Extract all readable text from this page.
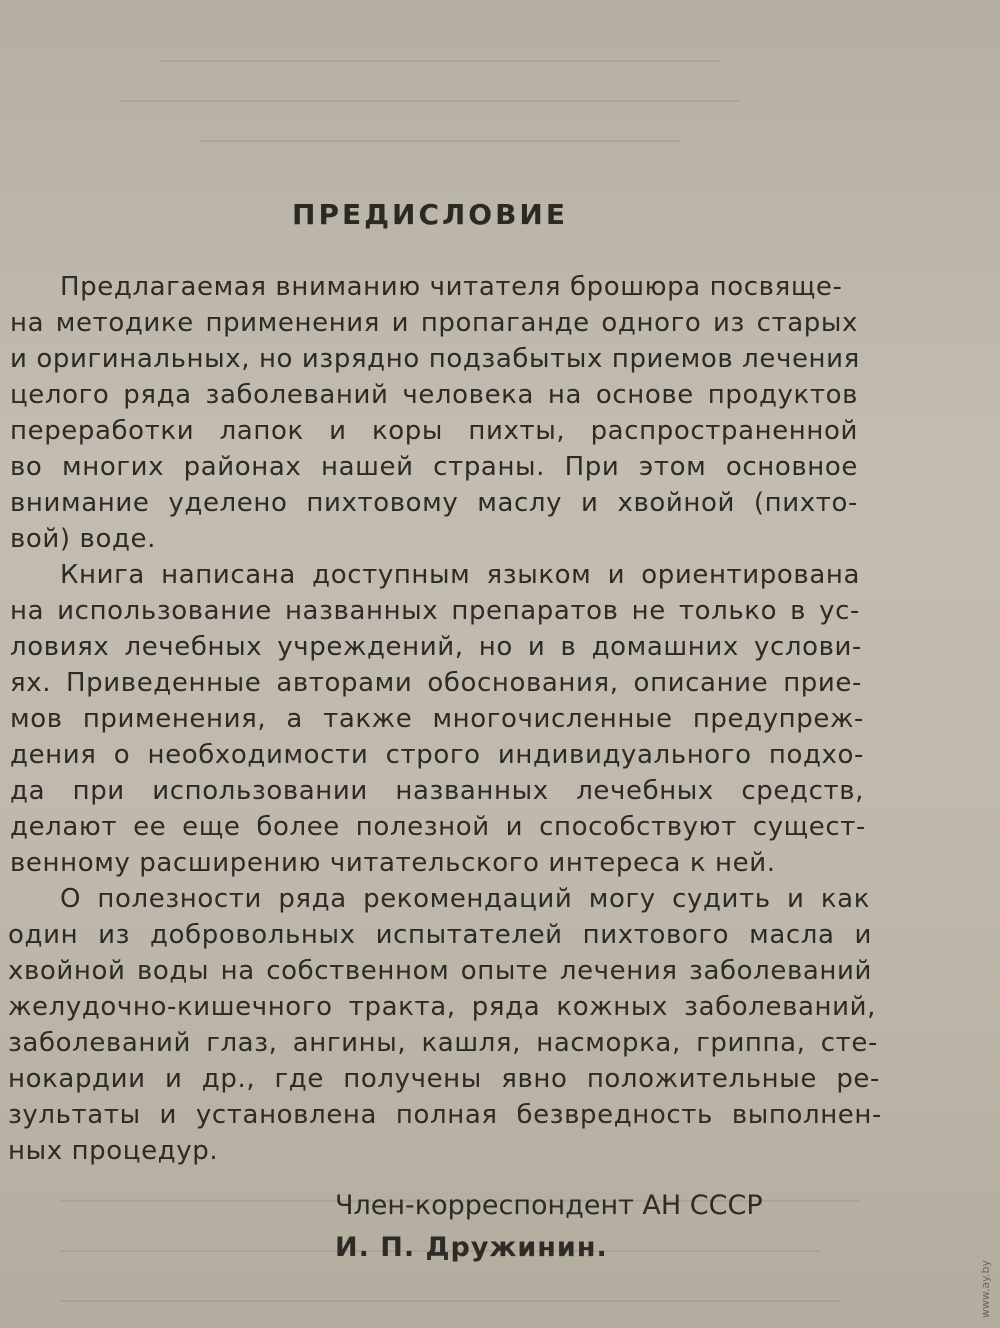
ПРЕДИСЛОВИЕ
Предлагаемая вниманию читателя брошюра посвяще-
на методике применения и пропаганде одного из старых
и оригинальных, но изрядно подзабытых приемов лечения
целого ряда заболеваний человека на основе продуктов
переработки лапок и коры пихты, распространенной
во многих районах нашей страны. При этом основное
внимание уделено пихтовому маслу и хвойной (пихто-
вой) воде.
Книга написана доступным языком и ориентирована
на использование названных препаратов не только в ус-
ловиях лечебных учреждений, но и в домашних услови-
ях. Приведенные авторами обоснования, описание прие-
мов применения, а также многочисленные предупреж-
дения о необходимости строго индивидуального подхо-
да при использовании названных лечебных средств,
делают ее еще более полезной и способствуют сущест-
венному расширению читательского интереса к ней.
О полезности ряда рекомендаций могу судить и как
один из добровольных испытателей пихтового масла и
хвойной воды на собственном опыте лечения заболеваний
желудочно-кишечного тракта, ряда кожных заболеваний,
заболеваний глаз, ангины, кашля, насморка, гриппа, сте-
нокардии и др., где получены явно положительные ре-
зультаты и установлена полная безвредность выполнен-
ных процедур.
Член-корреспондент АН СССР
И. П. Дружинин.
www.ay.by
